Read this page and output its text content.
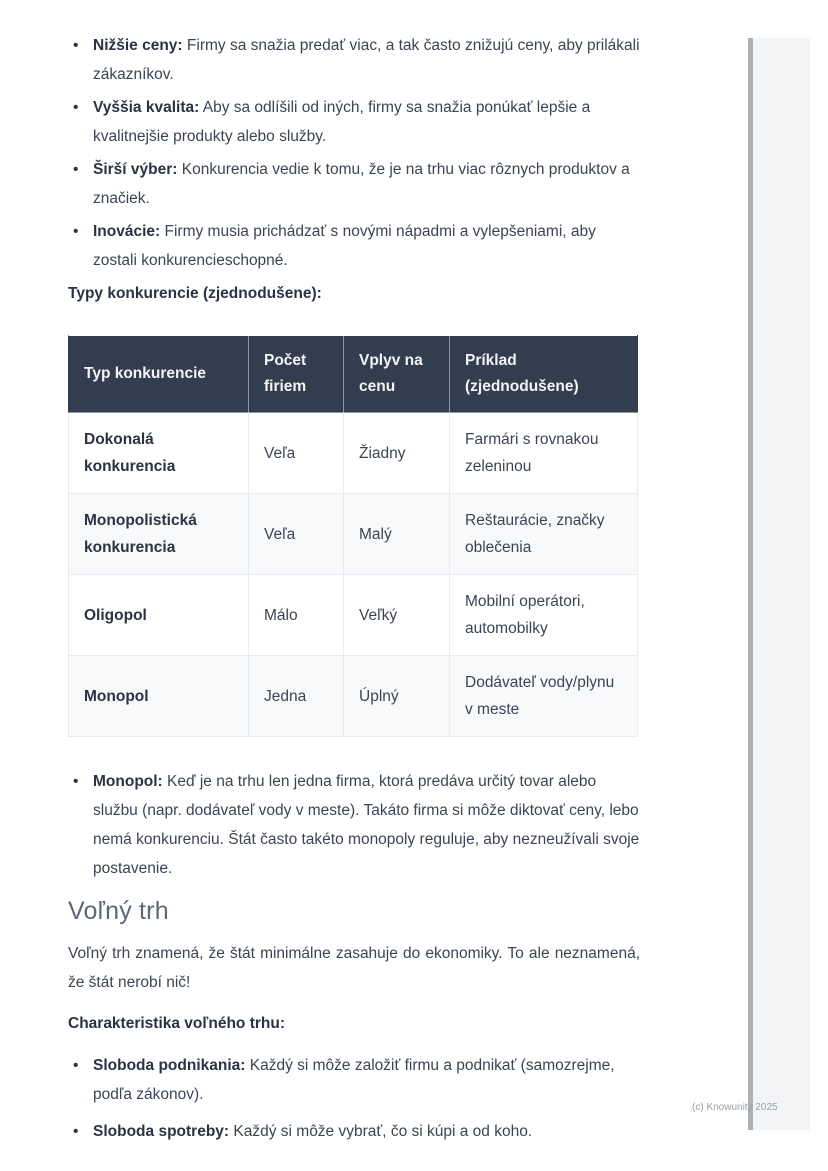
• Nižšie ceny: Firmy sa snažia predať viac, a tak často znižujú ceny, aby prilákali zákazníkov.
• Vyššia kvalita: Aby sa odlíšili od iných, firmy sa snažia ponúkať lepšie a kvalitnejšie produkty alebo služby.
• Širší výber: Konkurencia vedie k tomu, že je na trhu viac rôznych produktov a značiek.
• Inovácie: Firmy musia prichádzať s novými nápadmi a vylepšeniami, aby zostali konkurencieschopné.
Typy konkurencie (zjednodušene):
Typ konkurencie	Počet firiem	Vplyv na cenu	Príklad (zjednodušene)
Dokonalá konkurencia	Veľa	Žiadny	Farmári s rovnakou zeleninou
Monopolistická konkurencia	Veľa	Malý	Reštaurácie, značky oblečenia
Oligopol	Málo	Veľký	Mobilní operátori, automobilky
Monopol	Jedna	Úplný	Dodávateľ vody/plynu v meste
• Monopol: Keď je na trhu len jedna firma, ktorá predáva určitý tovar alebo službu (napr. dodávateľ vody v meste). Takáto firma si môže diktovať ceny, lebo nemá konkurenciu. Štát často takéto monopoly reguluje, aby nezneužívali svoje postavenie.
Voľný trh

Voľný trh znamená, že štát minimálne zasahuje do ekonomiky. To ale neznamená, že štát nerobí nič!

Charakteristika voľného trhu:
• Sloboda podnikania: Každý si môže založiť firmu a podnikať (samozrejme, podľa zákonov).
• Sloboda spotreby: Každý si môže vybrať, čo si kúpi a od koho.
(c) Knowunity 2025
